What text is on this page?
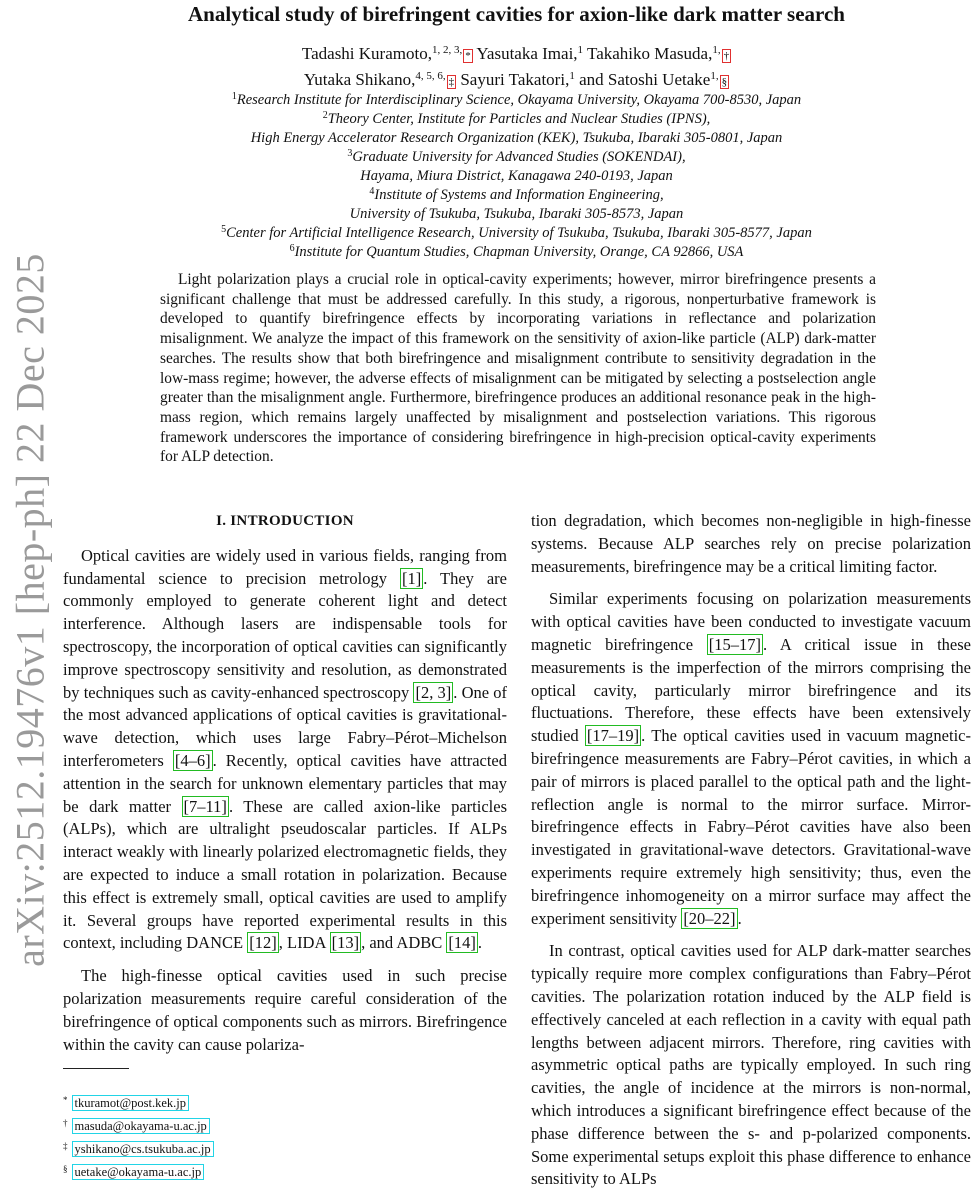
arXiv:2512.19476v1 [hep-ph] 22 Dec 2025
Analytical study of birefringent cavities for axion-like dark matter search
Tadashi Kuramoto,$^{1, 2, 3,}$ * Yasutaka Imai,$^1$ Takahiko Masuda,$^{1,}$ †
Yutaka Shikano,$^{4, 5, 6,}$ ‡ Sayuri Takatori,$^1$ and Satoshi Uetake$^{1,}$ §
$^1$Research Institute for Interdisciplinary Science, Okayama University, Okayama 700-8530, Japan
$^2$Theory Center, Institute for Particles and Nuclear Studies (IPNS),
High Energy Accelerator Research Organization (KEK), Tsukuba, Ibaraki 305-0801, Japan
$^3$Graduate University for Advanced Studies (SOKENDAI),
Hayama, Miura District, Kanagawa 240-0193, Japan
$^4$Institute of Systems and Information Engineering,
University of Tsukuba, Tsukuba, Ibaraki 305-8573, Japan
$^5$Center for Artificial Intelligence Research, University of Tsukuba, Tsukuba, Ibaraki 305-8577, Japan
$^6$Institute for Quantum Studies, Chapman University, Orange, CA 92866, USA
Light polarization plays a crucial role in optical-cavity experiments; however, mirror birefringence presents a significant challenge that must be addressed carefully. In this study, a rigorous, nonperturbative framework is developed to quantify birefringence effects by incorporating variations in reflectance and polarization misalignment. We analyze the impact of this framework on the sensitivity of axion-like particle (ALP) dark-matter searches. The results show that both birefringence and misalignment contribute to sensitivity degradation in the low-mass regime; however, the adverse effects of misalignment can be mitigated by selecting a postselection angle greater than the misalignment angle. Furthermore, birefringence produces an additional resonance peak in the high-mass region, which remains largely unaffected by misalignment and postselection variations. This rigorous framework underscores the importance of considering birefringence in high-precision optical-cavity experiments for ALP detection.
I. INTRODUCTION

Optical cavities are widely used in various fields, ranging from fundamental science to precision metrology [1] . They are commonly employed to generate coherent light and detect interference. Although lasers are indispensable tools for spectroscopy, the incorporation of optical cavities can significantly improve spectroscopy sensitivity and resolution, as demonstrated by techniques such as cavity-enhanced spectroscopy [2, 3] . One of the most advanced applications of optical cavities is gravitational-wave detection, which uses large Fabry–Pérot–Michelson interferometers [4–6] . Recently, optical cavities have attracted attention in the search for unknown elementary particles that may be dark matter [7–11] . These are called axion-like particles (ALPs), which are ultralight pseudoscalar particles. If ALPs interact weakly with linearly polarized electromagnetic fields, they are expected to induce a small rotation in polarization. Because this effect is extremely small, optical cavities are used to amplify it. Several groups have reported experimental results in this context, including DANCE [12] , LIDA [13] , and ADBC [14] .

The high-finesse optical cavities used in such precise polarization measurements require careful consideration of the birefringence of optical components such as mirrors. Birefringence within the cavity can cause polariza-

tion degradation, which becomes non-negligible in high-finesse systems. Because ALP searches rely on precise polarization measurements, birefringence may be a critical limiting factor.

Similar experiments focusing on polarization measurements with optical cavities have been conducted to investigate vacuum magnetic birefringence [15–17] . A critical issue in these measurements is the imperfection of the mirrors comprising the optical cavity, particularly mirror birefringence and its fluctuations. Therefore, these effects have been extensively studied [17–19] . The optical cavities used in vacuum magnetic-birefringence measurements are Fabry–Pérot cavities, in which a pair of mirrors is placed parallel to the optical path and the light-reflection angle is normal to the mirror surface. Mirror-birefringence effects in Fabry–Pérot cavities have also been investigated in gravitational-wave detectors. Gravitational-wave experiments require extremely high sensitivity; thus, even the birefringence inhomogeneity on a mirror surface may affect the experiment sensitivity [20–22] .

In contrast, optical cavities used for ALP dark-matter searches typically require more complex configurations than Fabry–Pérot cavities. The polarization rotation induced by the ALP field is effectively canceled at each reflection in a cavity with equal path lengths between adjacent mirrors. Therefore, ring cavities with asymmetric optical paths are typically employed. In such ring cavities, the angle of incidence at the mirrors is non-normal, which introduces a significant birefringence effect because of the phase difference between the s- and p-polarized components. Some experimental setups exploit this phase difference to enhance sensitivity to ALPs

* tkuramot@post.kek.jp
† masuda@okayama-u.ac.jp
‡ yshikano@cs.tsukuba.ac.jp
§ uetake@okayama-u.ac.jp
